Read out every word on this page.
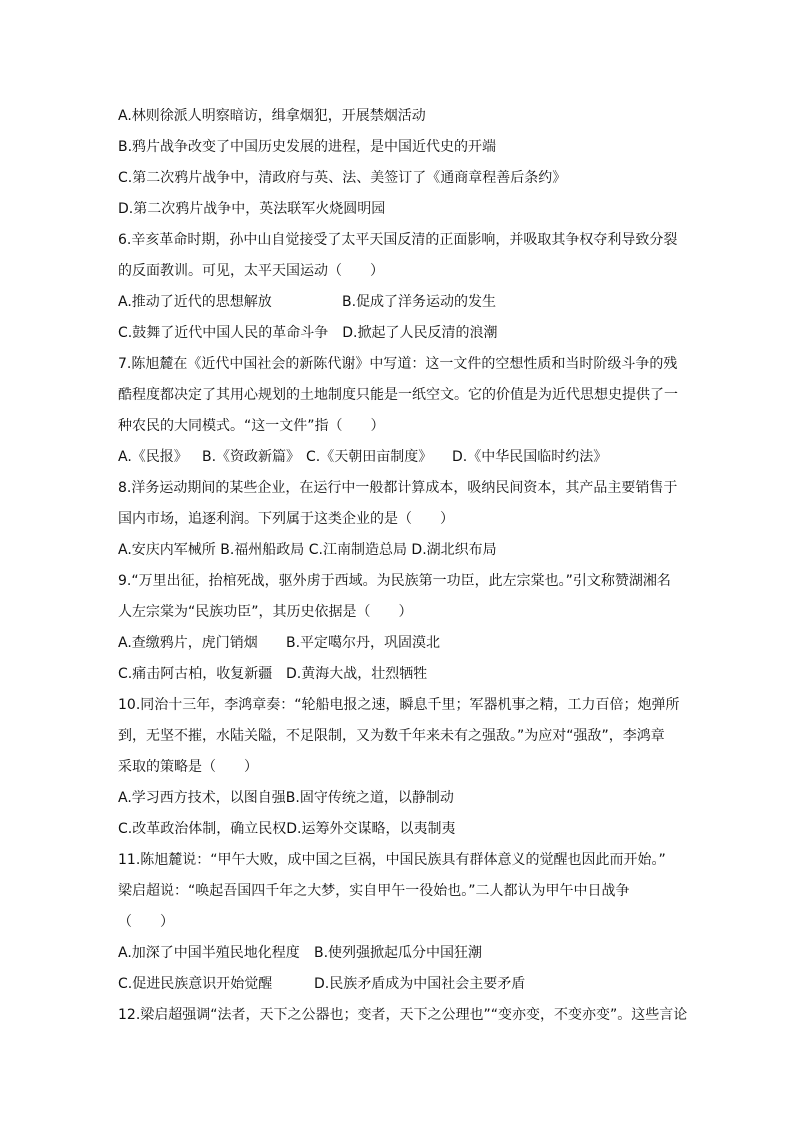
A.林则徐派人明察暗访，缉拿烟犯，开展禁烟活动
B.鸦片战争改变了中国历史发展的进程，是中国近代史的开端
C.第二次鸦片战争中，清政府与英、法、美签订了《通商章程善后条约》
D.第二次鸦片战争中，英法联军火烧圆明园
6.辛亥革命时期，孙中山自觉接受了太平天国反清的正面影响，并吸取其争权夺利导致分裂
的反面教训。可见，太平天国运动（　　）
A.推动了近代的思想解放	B.促成了洋务运动的发生
C.鼓舞了近代中国人民的革命斗争　D.掀起了人民反清的浪潮
7.陈旭麓在《近代中国社会的新陈代谢》中写道：这一文件的空想性质和当时阶级斗争的残
酷程度都决定了其用心规划的土地制度只能是一纸空文。它的价值是为近代思想史提供了一
种农民的大同模式。“这一文件”指（　　）
A.《民报》 B.《资政新篇》 C.《天朝田亩制度》 D.《中华民国临时约法》
8.洋务运动期间的某些企业，在运行中一般都计算成本，吸纳民间资本，其产品主要销售于
国内市场，追逐利润。下列属于这类企业的是（　　）
A.安庆内军械所 B.福州船政局 C.江南制造总局 D.湖北织布局
9.“万里出征，抬棺死战，驱外虏于西域。为民族第一功臣，此左宗棠也。”引文称赞湖湘名
人左宗棠为“民族功臣”，其历史依据是（　　）
A.查缴鸦片，虎门销烟 B.平定噶尔丹，巩固漠北
C.痛击阿古柏，收复新疆 D.黄海大战，壮烈牺牲
10.同治十三年，李鸿章奏：“轮船电报之速，瞬息千里；军器机事之精，工力百倍；炮弹所
到，无坚不摧，水陆关隘，不足限制，又为数千年来未有之强敌。”为应对“强敌”，李鸿章
采取的策略是（　　）
A.学习西方技术，以图自强B.固守传统之道，以静制动
C.改革政治体制，确立民权D.运筹外交谋略，以夷制夷
11.陈旭麓说：“甲午大败，成中国之巨祸，中国民族具有群体意义的觉醒也因此而开始。”
梁启超说：“唤起吾国四千年之大梦，实自甲午一役始也。”二人都认为甲午中日战争
（　　）
A.加深了中国半殖民地化程度 B.使列强掀起瓜分中国狂潮
C.促进民族意识开始觉醒	D.民族矛盾成为中国社会主要矛盾
12.梁启超强调“法者，天下之公器也；变者，天下之公理也”“变亦变，不变亦变”。这些言论
